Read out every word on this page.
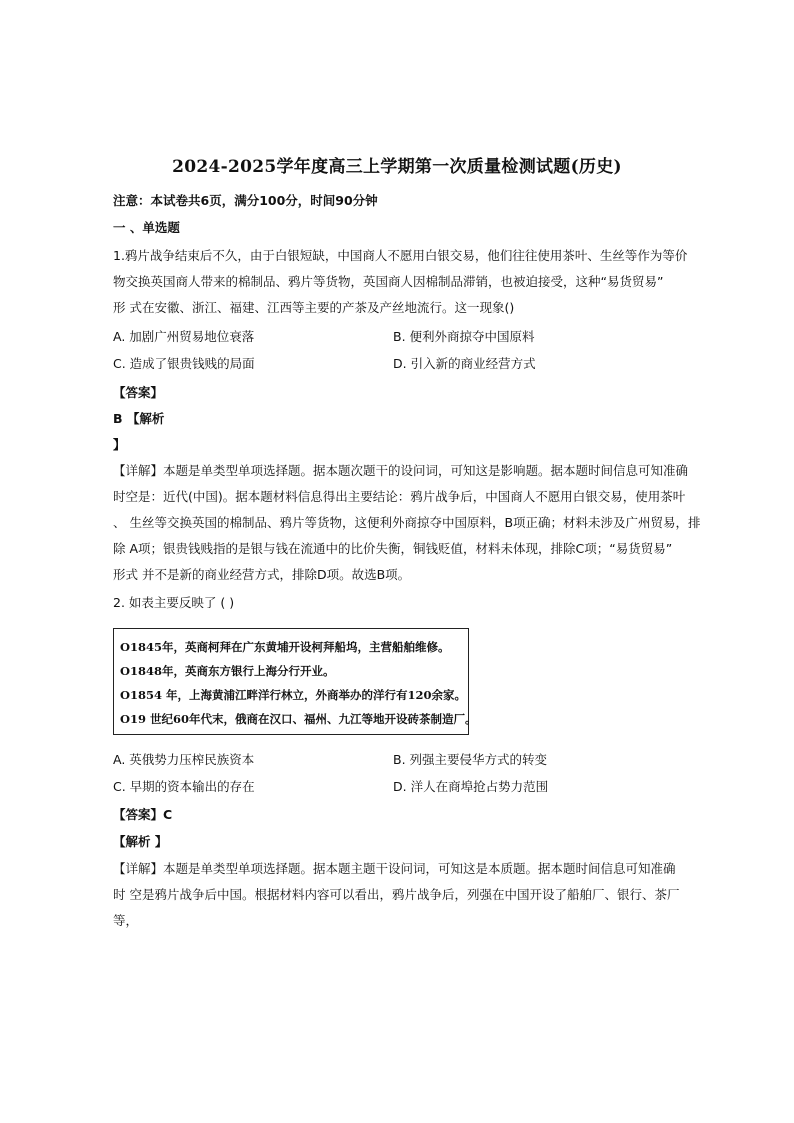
2024-2025学年度高三上学期第一次质量检测试题(历史)
注意：本试卷共6页，满分100分，时间90分钟
一 、单选题
1.鸦片战争结束后不久，由于白银短缺，中国商人不愿用白银交易，他们往往使用茶叶、生丝等作为等价
物交换英国商人带来的棉制品、鸦片等货物，英国商人因棉制品滞销，也被迫接受，这种“易货贸易”
形 式在安徽、浙江、福建、江西等主要的产茶及产丝地流行。这一现象()
A. 加剧广州贸易地位衰落	B. 便利外商掠夺中国原料
C. 造成了银贵钱贱的局面	D. 引入新的商业经营方式
【答案】
B 【解析
】
【详解】本题是单类型单项选择题。据本题次题干的设问词，可知这是影响题。据本题时间信息可知准确
时空是：近代(中国)。据本题材料信息得出主要结论：鸦片战争后，中国商人不愿用白银交易，使用茶叶
、 生丝等交换英国的棉制品、鸦片等货物，这便利外商掠夺中国原料，B项正确；材料未涉及广州贸易，排
除 A项；银贵钱贱指的是银与钱在流通中的比价失衡，铜钱贬值，材料未体现，排除C项；“易货贸易”
形式 并不是新的商业经营方式，排除D项。故选B项。
2. 如表主要反映了 ( )
O1845年，英商柯拜在广东黄埔开设柯拜船坞，主营船舶维修。
O1848年，英商东方银行上海分行开业。
O1854 年，上海黄浦江畔洋行林立，外商举办的洋行有120余家。
O19 世纪60年代末，俄商在汉口、福州、九江等地开设砖茶制造厂。
A. 英俄势力压榨民族资本	B. 列强主要侵华方式的转变
C. 早期的资本输出的存在	D. 洋人在商埠抢占势力范围
【答案】C
【解析 】
【详解】本题是单类型单项选择题。据本题主题干设问词，可知这是本质题。据本题时间信息可知准确
时 空是鸦片战争后中国。根据材料内容可以看出，鸦片战争后，列强在中国开设了船舶厂、银行、茶厂
等，
